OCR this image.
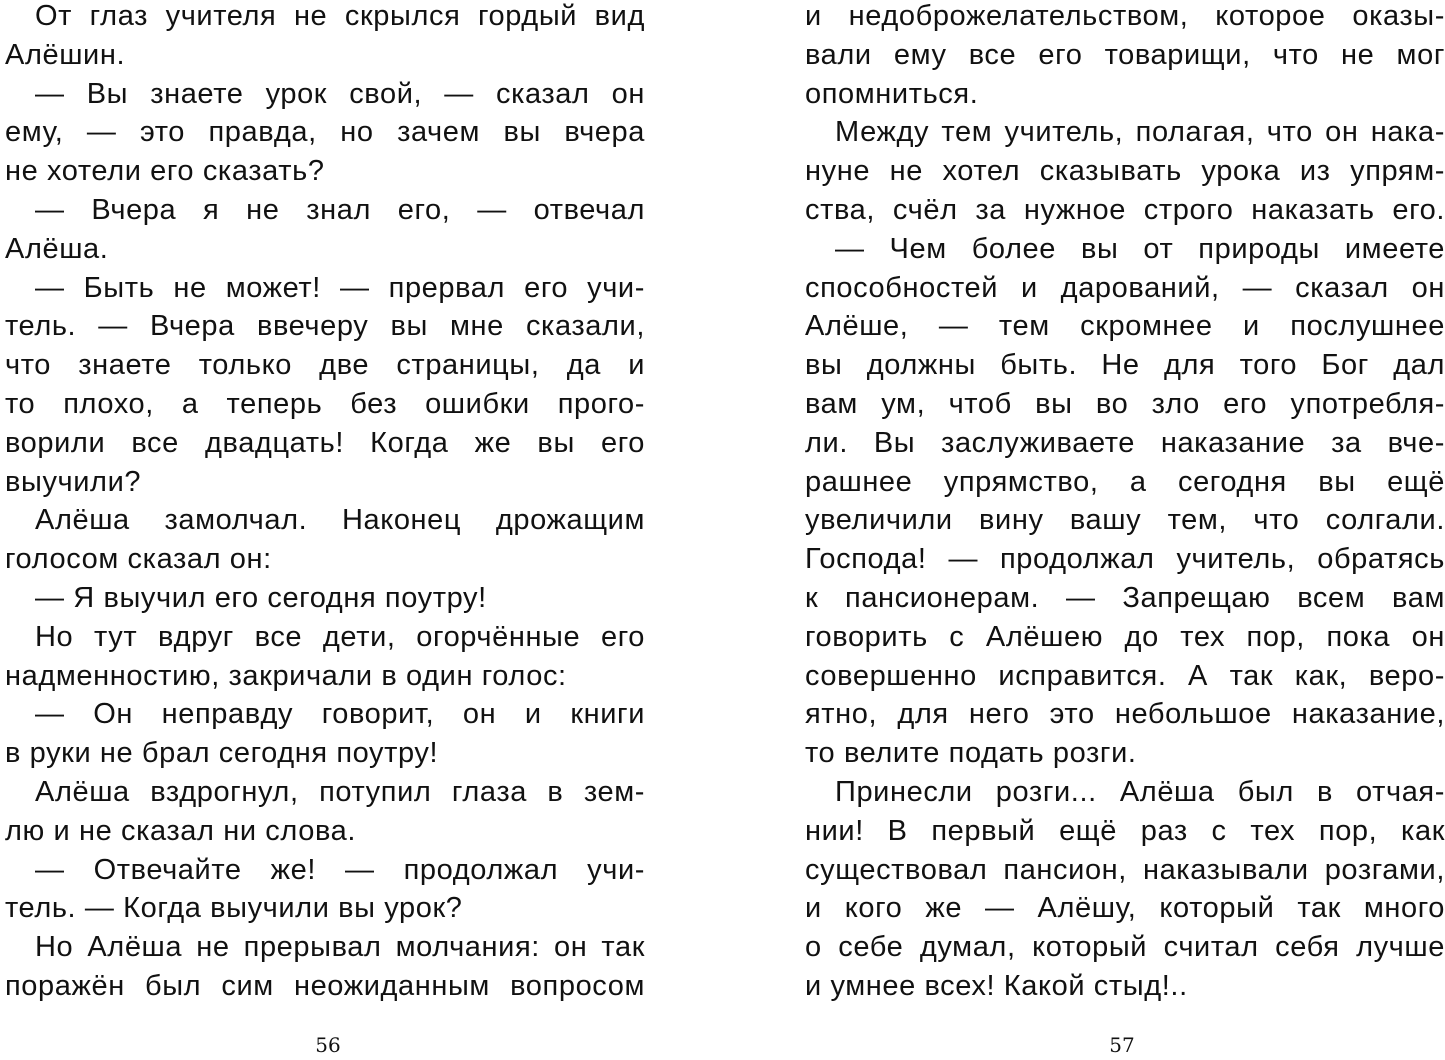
От глаз учителя не скрылся гордый вид
Алёшин.
— Вы знаете урок свой, — сказал он
ему, — это правда, но зачем вы вчера
не хотели его сказать?
— Вчера я не знал его, — отвечал
Алёша.
— Быть не может! — прервал его учи-
тель. — Вчера ввечеру вы мне сказали,
что знаете только две страницы, да и
то плохо, а теперь без ошибки прого-
ворили все двадцать! Когда же вы его
выучили?
Алёша замолчал. Наконец дрожащим
голосом сказал он:
— Я выучил его сегодня поутру!
Но тут вдруг все дети, огорчённые его
надменностию, закричали в один голос:
— Он неправду говорит, он и книги
в руки не брал сегодня поутру!
Алёша вздрогнул, потупил глаза в зем-
лю и не сказал ни слова.
— Отвечайте же! — продолжал учи-
тель. — Когда выучили вы урок?
Но Алёша не прерывал молчания: он так
поражён был сим неожиданным вопросом
и недоброжелательством, которое оказы-
вали ему все его товарищи, что не мог
опомниться.
Между тем учитель, полагая, что он нака-
нуне не хотел сказывать урока из упрям-
ства, счёл за нужное строго наказать его.
— Чем более вы от природы имеете
способностей и дарований, — сказал он
Алёше, — тем скромнее и послушнее
вы должны быть. Не для того Бог дал
вам ум, чтоб вы во зло его употребля-
ли. Вы заслуживаете наказание за вче-
рашнее упрямство, а сегодня вы ещё
увеличили вину вашу тем, что солгали.
Господа! — продолжал учитель, обратясь
к пансионерам. — Запрещаю всем вам
говорить с Алёшею до тех пор, пока он
совершенно исправится. А так как, веро-
ятно, для него это небольшое наказание,
то велите подать розги.
Принесли розги... Алёша был в отчая-
нии! В первый ещё раз с тех пор, как
существовал пансион, наказывали розгами,
и кого же — Алёшу, который так много
о себе думал, который считал себя лучше
и умнее всех! Какой стыд!..
56	57
